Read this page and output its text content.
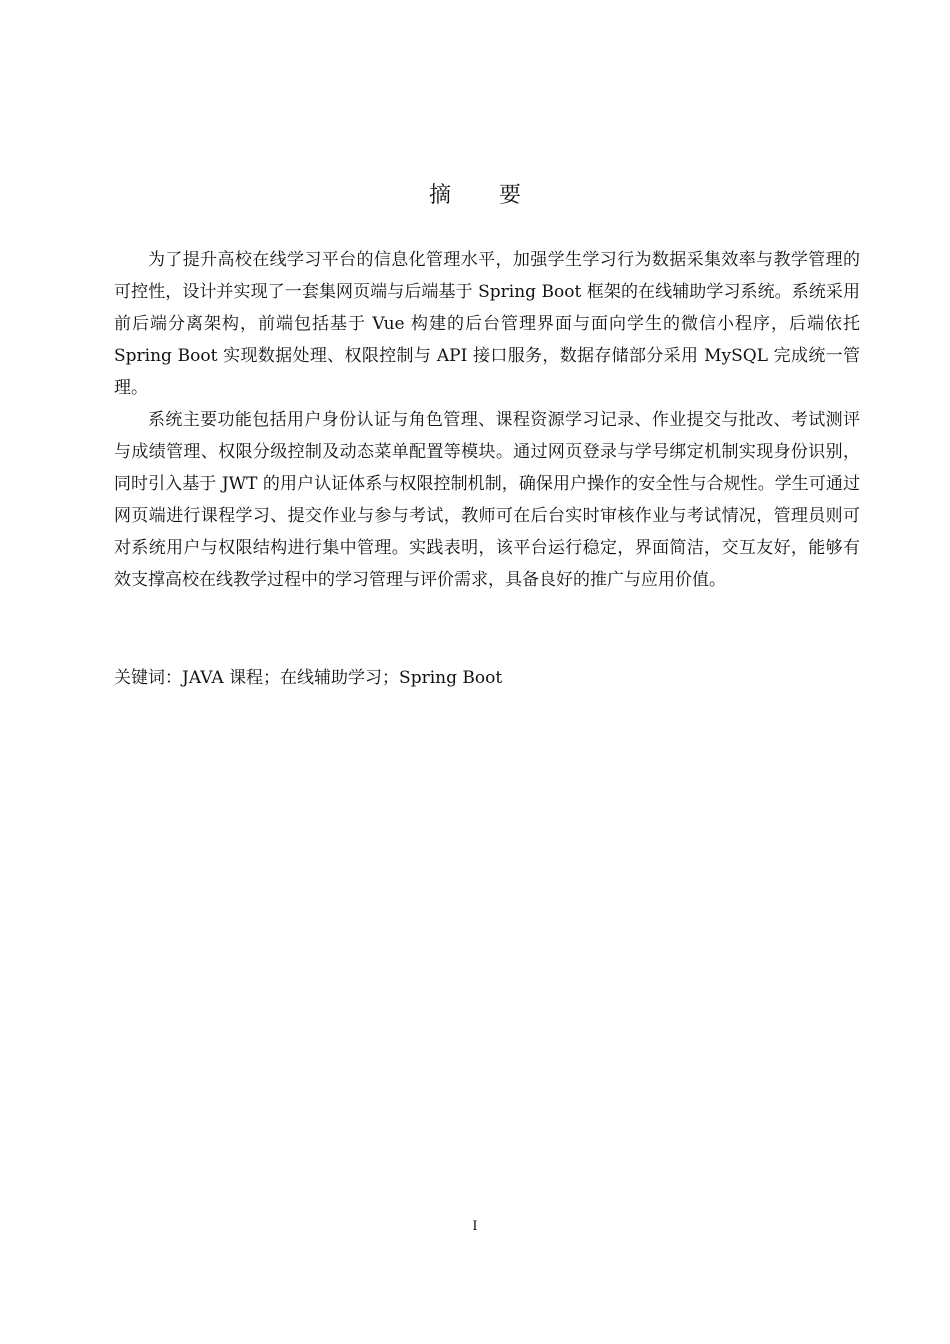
摘 要

为了提升高校在线学习平台的信息化管理水平，加强学生学习行为数据采集效率与教学管理的可控性，设计并实现了一套集网页端与后端基于 Spring Boot 框架的在线辅助学习系统。系统采用前后端分离架构，前端包括基于 Vue 构建的后台管理界面与面向学生的微信小程序，后端依托 Spring Boot 实现数据处理、权限控制与 API 接口服务，数据存储部分采用 MySQL 完成统一管理。

系统主要功能包括用户身份认证与角色管理、课程资源学习记录、作业提交与批改、考试测评与成绩管理、权限分级控制及动态菜单配置等模块。通过网页登录与学号绑定机制实现身份识别，同时引入基于 JWT 的用户认证体系与权限控制机制，确保用户操作的安全性与合规性。学生可通过网页端进行课程学习、提交作业与参与考试，教师可在后台实时审核作业与考试情况，管理员则可对系统用户与权限结构进行集中管理。实践表明，该平台运行稳定，界面简洁，交互友好，能够有效支撑高校在线教学过程中的学习管理与评价需求，具备良好的推广与应用价值。

关键词：JAVA 课程；在线辅助学习；Spring Boot
I
